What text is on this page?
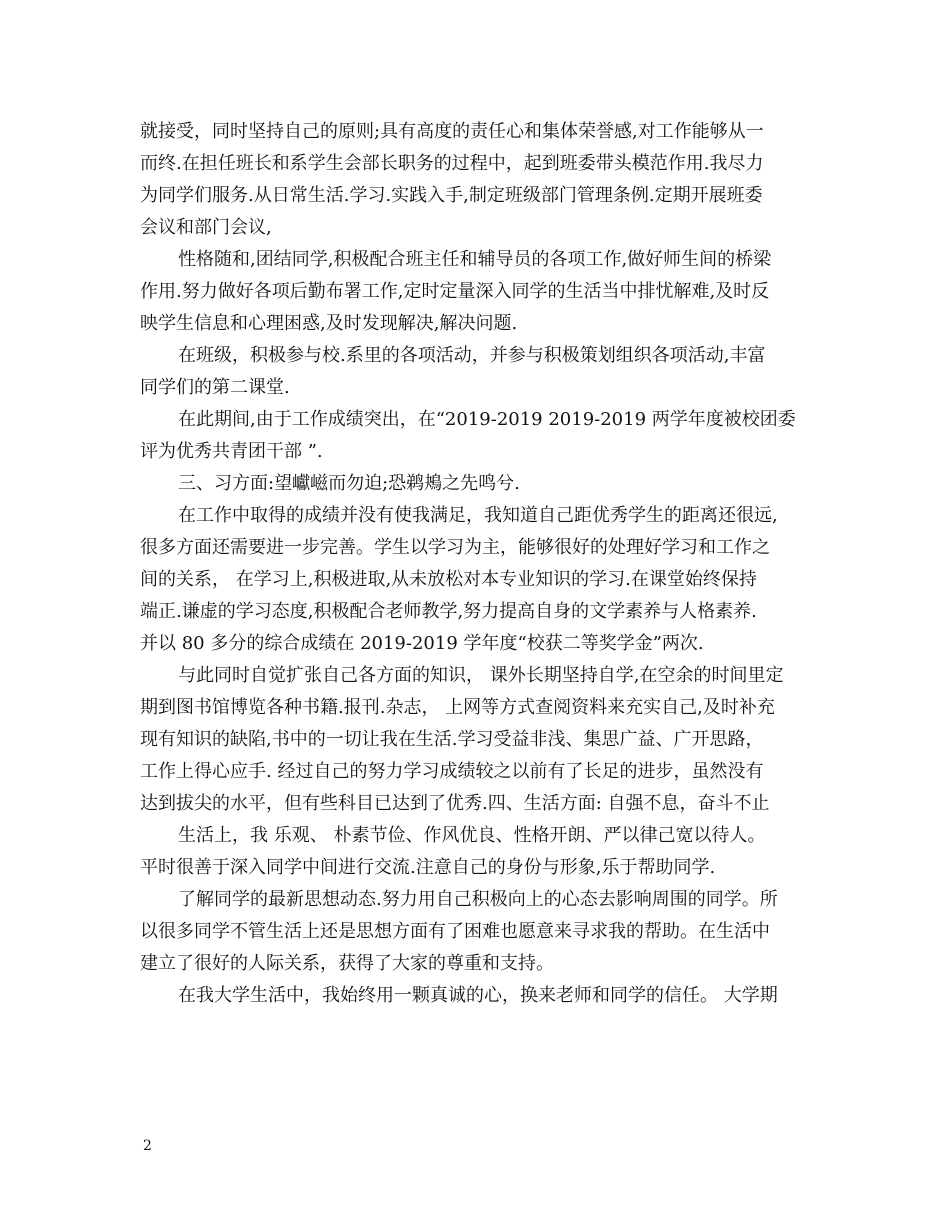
就接受，同时坚持自己的原则;具有高度的责任心和集体荣誉感,对工作能够从一
而终.在担任班长和系学生会部长职务的过程中，起到班委带头模范作用.我尽力
为同学们服务.从日常生活.学习.实践入手,制定班级部门管理条例.定期开展班委
会议和部门会议,
性格随和,团结同学,积极配合班主任和辅导员的各项工作,做好师生间的桥梁
作用.努力做好各项后勤布署工作,定时定量深入同学的生活当中排忧解难,及时反
映学生信息和心理困惑,及时发现解决,解决问题.
在班级，积极参与校.系里的各项活动，并参与积极策划组织各项活动,丰富
同学们的第二课堂.
在此期间,由于工作成绩突出，在“2019-2019 2019-2019 两学年度被校团委
评为优秀共青团干部 ”.
三、习方面:望巘嵫而勿迫;恐鹈鴂之先鸣兮.
在工作中取得的成绩并没有使我满足，我知道自己距优秀学生的距离还很远,
很多方面还需要进一步完善。学生以学习为主，能够很好的处理好学习和工作之
间的关系， 在学习上,积极进取,从未放松对本专业知识的学习.在课堂始终保持
端正.谦虚的学习态度,积极配合老师教学,努力提高自身的文学素养与人格素养.
并以 80 多分的综合成绩在 2019-2019 学年度“校获二等奖学金”两次.
与此同时自觉扩张自己各方面的知识， 课外长期坚持自学,在空余的时间里定
期到图书馆博览各种书籍.报刊.杂志， 上网等方式查阅资料来充实自己,及时补充
现有知识的缺陷,书中的一切让我在生活.学习受益非浅、集思广益、广开思路，
工作上得心应手. 经过自己的努力学习成绩较之以前有了长足的进步，虽然没有
达到拔尖的水平，但有些科目已达到了优秀.四、生活方面: 自强不息，奋斗不止
生活上，我 乐观、 朴素节俭、作风优良、性格开朗、严以律己宽以待人。
平时很善于深入同学中间进行交流.注意自己的身份与形象,乐于帮助同学.
了解同学的最新思想动态.努力用自己积极向上的心态去影响周围的同学。所
以很多同学不管生活上还是思想方面有了困难也愿意来寻求我的帮助。在生活中
建立了很好的人际关系，获得了大家的尊重和支持。
在我大学生活中，我始终用一颗真诚的心，换来老师和同学的信任。 大学期
2
